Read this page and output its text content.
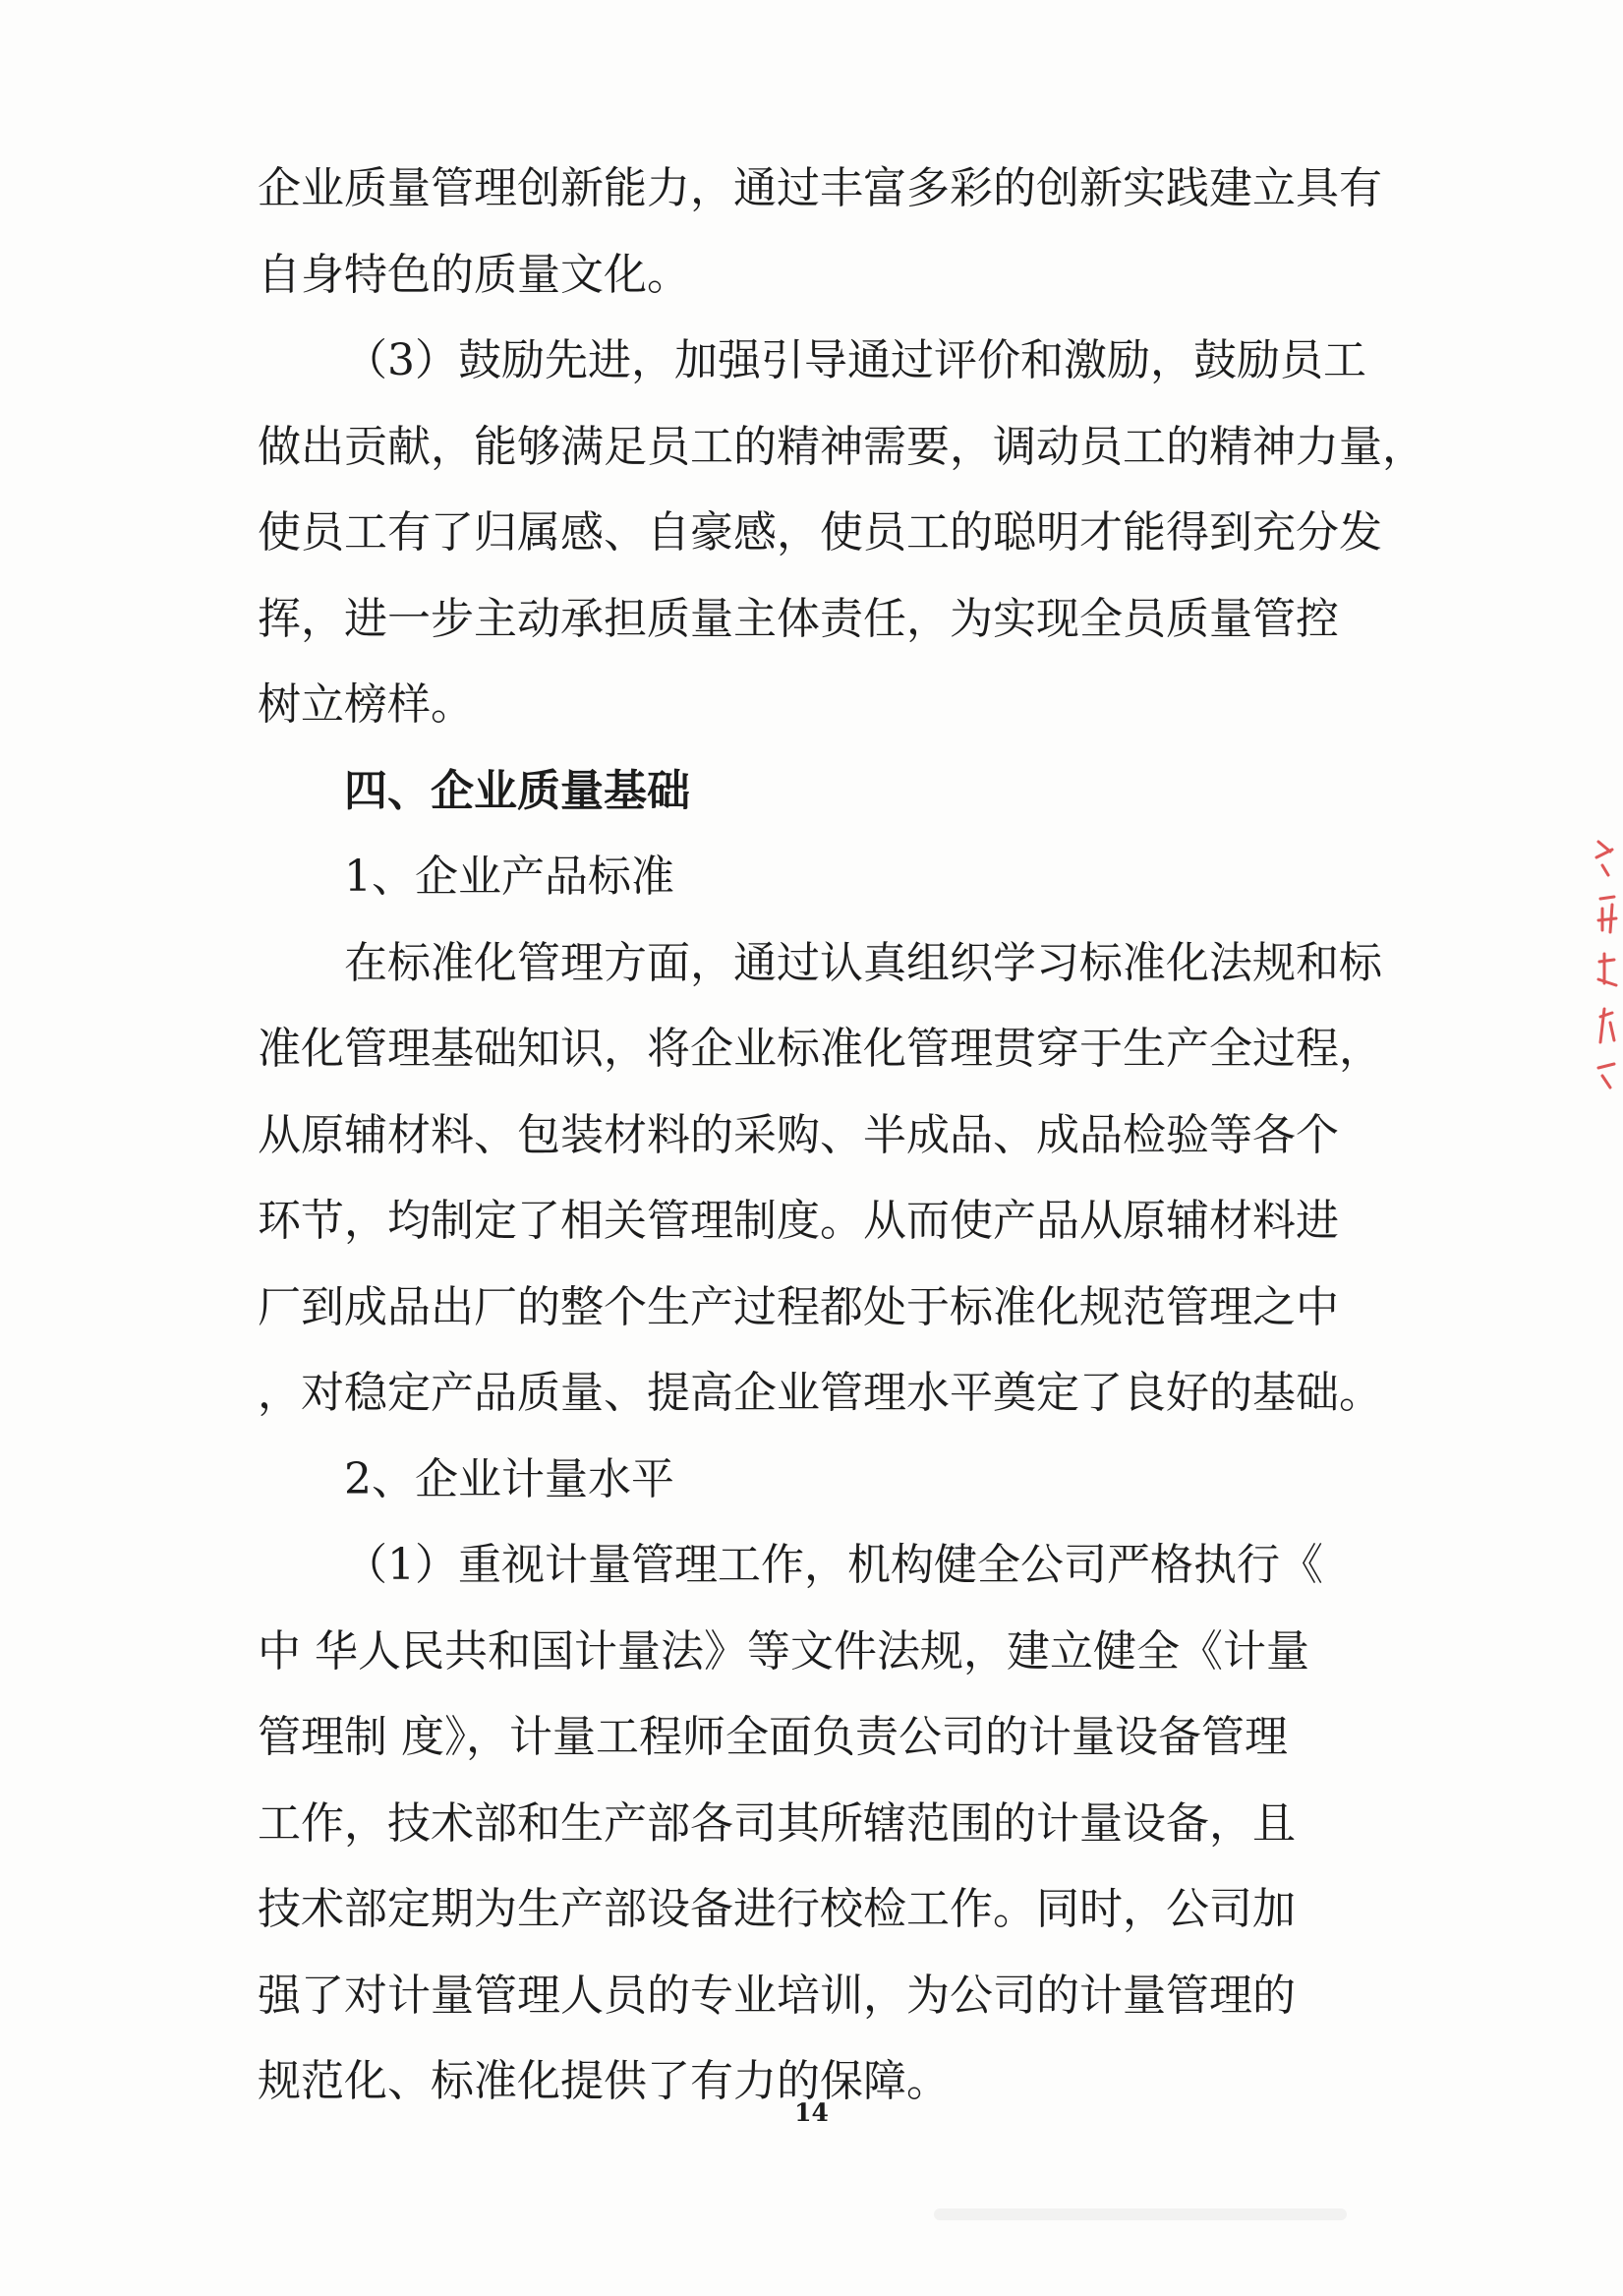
企业质量管理创新能力，通过丰富多彩的创新实践建立具有
自身特色的质量文化。
（3）鼓励先进，加强引导通过评价和激励，鼓励员工
做出贡献，能够满足员工的精神需要，调动员工的精神力量，
使员工有了归属感、自豪感，使员工的聪明才能得到充分发
挥，进一步主动承担质量主体责任，为实现全员质量管控
树立榜样。
四、企业质量基础
1、企业产品标准
在标准化管理方面，通过认真组织学习标准化法规和标
准化管理基础知识，将企业标准化管理贯穿于生产全过程，
从原辅材料、包装材料的采购、半成品、成品检验等各个
环节，均制定了相关管理制度。从而使产品从原辅材料进
厂到成品出厂的整个生产过程都处于标准化规范管理之中
，对稳定产品质量、提高企业管理水平奠定了良好的基础。
2、企业计量水平
（1）重视计量管理工作，机构健全公司严格执行《
中 华人民共和国计量法》等文件法规，建立健全《计量
管理制 度》，计量工程师全面负责公司的计量设备管理
工作，技术部和生产部各司其所辖范围的计量设备，且
技术部定期为生产部设备进行校检工作。同时，公司加
强了对计量管理人员的专业培训，为公司的计量管理的
规范化、标准化提供了有力的保障。
14
